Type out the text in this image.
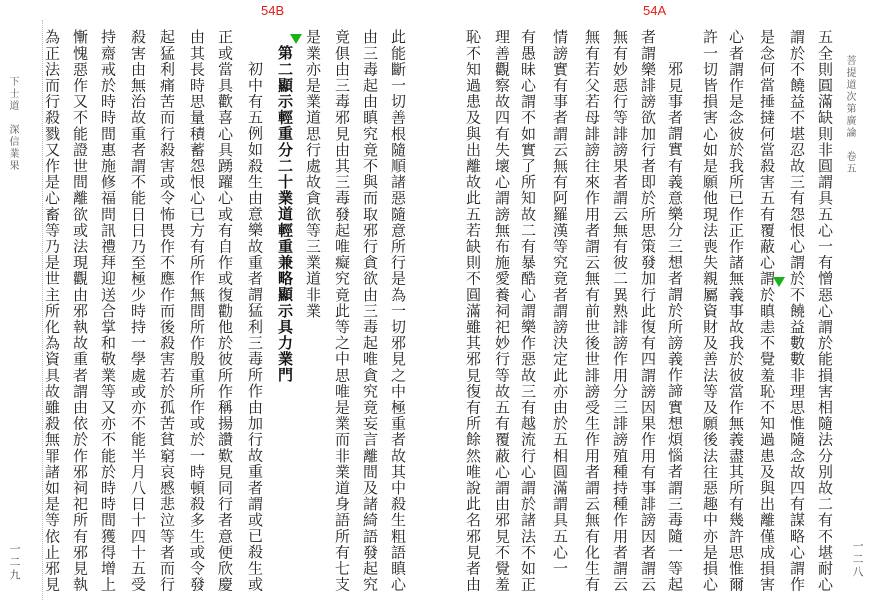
54B
下士道　深信業果
一二九	此能斷一切善根隨順諸惡隨意所行是為一切邪見之中極重者故其中殺生粗語瞋心
由三毒起由瞋究竟不與而取邪行貪欲由三毒起唯貪究竟妄言離間及諸綺語發起究
竟俱由三毒邪見由其三毒發起唯癡究竟此等之中思唯是業而非業道身語所有七支
是業亦是業道思行處故貪欲等三業道非業
第二顯示輕重分二十業道輕重兼略顯示具力業門
初中有五例如殺生由意樂故重者謂猛利三毒所作由加行故重者謂或已殺生或
正或當具歡喜心具踴躍心或有自作或復勸他於彼所作稱揚讚歎見同行者意便欣慶
由其長時思量積蓄怨恨心已方有所作無間所作殷重所作或於一時頓殺多生或令發
起猛利痛苦而行殺害或令怖畏作不應作而後殺害若於孤苦貧窮哀慼悲泣等者而行
殺害由無治故重者謂不能日日乃至極少時持一學處或亦不能半月八日十四十五受
持齋戒於時時間惠施修福問訊禮拜迎送合掌和敬業等又亦不能於時時間獲得增上
慚愧惡作又不能證世間離欲或法現觀由邪執故重者謂由依於作邪祠祀所有邪見執
為正法而行殺戮又作是心畜等乃是世主所化為資具故雖殺無罪諸如是等依止邪見
54A
菩提道次第廣論　卷五
一二八
五全則圓滿缺則非圓謂具五心一有憎惡心謂於能損害相隨法分別故二有不堪耐心
謂於不饒益不堪忍故三有怨恨心謂於不饒益數數非理思惟隨念故四有謀略心謂作
是念何當捶撻何當殺害五有覆蔽心謂於瞋恚不覺羞恥不知過患及與出離僅成損害
心者謂作是念彼於我所已作正作諸無義事故我於彼當作無義盡其所有幾許思惟爾
許一切皆損害心如是願他現法喪失親屬資財及善法等及願後法往惡趣中亦是損心
邪見事者謂實有義意樂分三想者謂於所謗義作諦實想煩惱者謂三毒隨一等起
者謂樂誹謗欲加行者即於所思策發加行此復有四謂謗因果作用有事誹謗因者謂云
無有妙惡行等誹謗果者謂云無有彼二異熟誹謗作用分三誹謗殖種持種作用者謂云
無有若父若母誹謗往來作用者謂云無有前世後世誹謗受生作用者謂云無有化生有
情謗實有事者謂云無有阿羅漢等究竟者謂謗決定此亦由於五相圓滿謂具五心一
有愚昧心謂不如實了所知故二有暴酷心謂樂作惡故三有越流行心謂於諸法不如正
理善觀察故四有失壞心謂謗無布施愛養祠祀妙行等故五有覆蔽心謂由邪見不覺羞
恥不知過患及與出離故此五若缺則不圓滿雖其邪見復有所餘然唯說此名邪見者由
